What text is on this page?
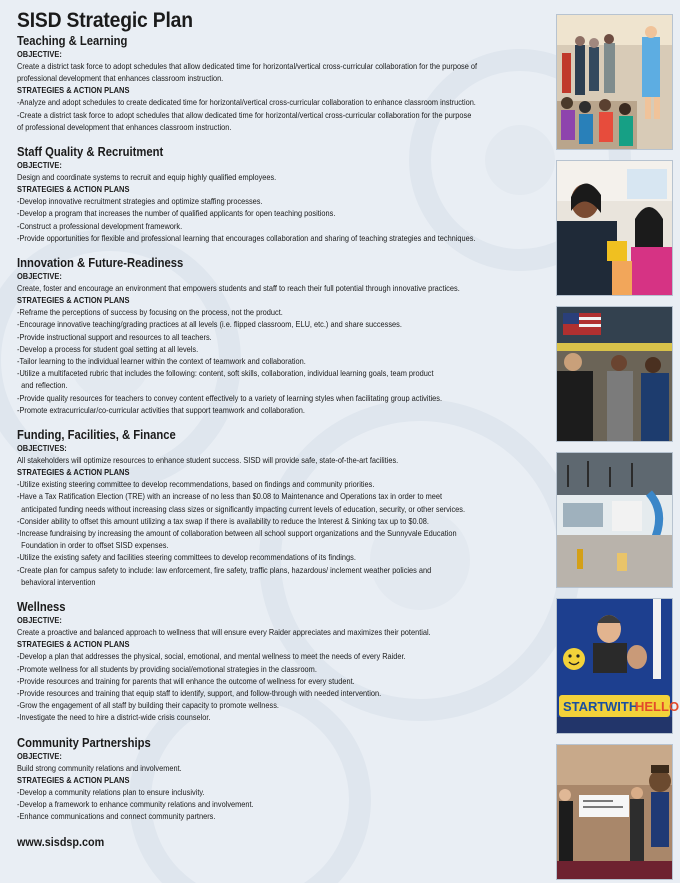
SISD Strategic Plan
Teaching & Learning
OBJECTIVE:
Create a district task force to adopt schedules that allow dedicated time for horizontal/vertical cross-curricular collaboration for the purpose of
professional development that enhances classroom instruction.
STRATEGIES & ACTION PLANS
-Analyze and adopt schedules to create dedicated time for horizontal/vertical cross-curricular collaboration to enhance classroom instruction.
-Create a district task force to adopt schedules that allow dedicated time for horizontal/vertical cross-curricular collaboration for the purpose
of professional development that enhances classroom instruction.
Staff Quality & Recruitment
OBJECTIVE:
Design and coordinate systems to recruit and equip highly qualified employees.
STRATEGIES & ACTION PLANS
-Develop innovative recruitment strategies and optimize staffing processes.
-Develop a program that increases the number of qualified applicants for open teaching positions.
-Construct a professional development framework.
-Provide opportunities for flexible and professional learning that encourages collaboration and sharing of teaching strategies and techniques.
Innovation & Future-Readiness
OBJECTIVE:
Create, foster and encourage an environment that empowers students and staff to reach their full potential through innovative practices.
STRATEGIES & ACTION PLANS
-Reframe the perceptions of success by focusing on the process, not the product.
-Encourage innovative teaching/grading practices at all levels (i.e. flipped classroom, ELU, etc.) and share successes.
-Provide instructional support and resources to all teachers.
-Develop a process for student goal setting at all levels.
-Tailor learning to the individual learner within the context of teamwork and collaboration.
-Utilize a multifaceted rubric that includes the following: content, soft skills, collaboration, individual learning goals, team product
and reflection.
-Provide quality resources for teachers to convey content effectively to a variety of learning styles when facilitating group activities.
-Promote extracurricular/co-curricular activities that support teamwork and collaboration.
Funding, Facilities, & Finance
OBJECTIVES:
All stakeholders will optimize resources to enhance student success. SISD will provide safe, state-of-the-art facilities.
STRATEGIES & ACTION PLANS
-Utilize existing steering committee to develop recommendations, based on findings and community priorities.
-Have a Tax Ratification Election (TRE) with an increase of no less than $0.08 to Maintenance and Operations tax in order to meet
anticipated funding needs without increasing class sizes or significantly impacting current levels of education, security, or other services.
-Consider ability to offset this amount utilizing a tax swap if there is availability to reduce the Interest & Sinking tax up to $0.08.
-Increase fundraising by increasing the amount of collaboration between all school support organizations and the Sunnyvale Education
Foundation in order to offset SISD expenses.
-Utilize the existing safety and facilities steering committees to develop recommendations of its findings.
-Create plan for campus safety to include: law enforcement, fire safety, traffic plans, hazardous/ inclement weather policies and
behavioral intervention
Wellness
OBJECTIVE:
Create a proactive and balanced approach to wellness that will ensure every Raider appreciates and maximizes their potential.
STRATEGIES & ACTION PLANS
-Develop a plan that addresses the physical, social, emotional, and mental wellness to meet the needs of every Raider.
-Promote wellness for all students by providing social/emotional strategies in the classroom.
-Provide resources and training for parents that will enhance the outcome of wellness for every student.
-Provide resources and training that equip staff to identify, support, and follow-through with needed intervention.
-Grow the engagement of all staff by building their capacity to promote wellness.
-Investigate the need to hire a district-wide crisis counselor.
Community Partnerships
OBJECTIVE:
Build strong community relations and involvement.
STRATEGIES & ACTION PLANS
-Develop a community relations plan to ensure inclusivity.
-Develop a framework to enhance community relations and involvement.
-Enhance communications and connect community partners.
www.sisdsp.com
START WITH
HELLO
